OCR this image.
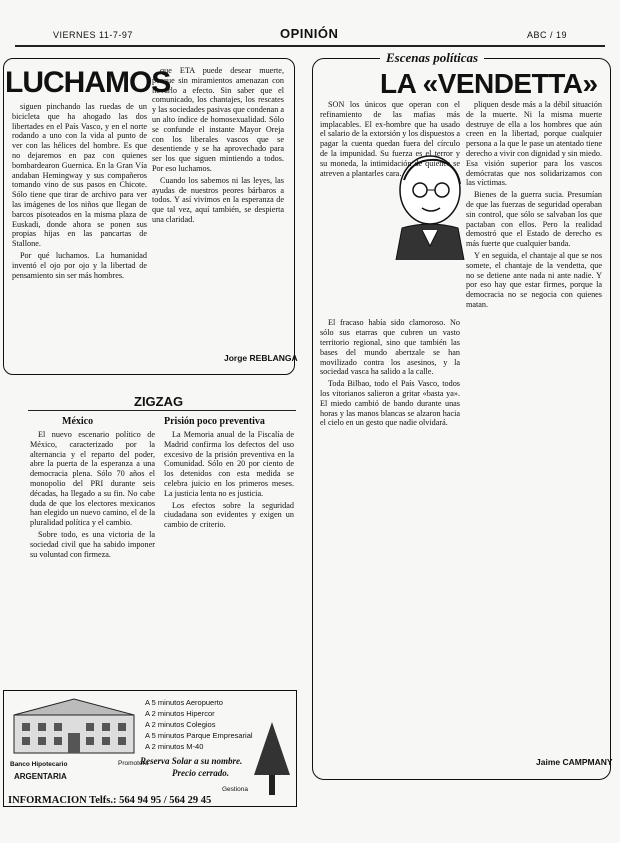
VIERNES 11-7-97	OPINIÓN	ABC / 19
LUCHAMOS

siguen pinchando las ruedas de un bicicleta que ha ahogado las dos libertades en el País Vasco, y en el norte rodando a uno con la vida al punto de ver con las hélices del hombre. Es que no dejaremos en paz con quienes bombardearon Guernica. En la Gran Vía andaban Hemingway y sus compañeros tomando vino de sus pasos en Chicote. Sólo tiene que tirar de archivo para ver las imágenes de los niños que llegan de barcos pisoteados en la misma plaza de Euskadi, donde ahora se ponen sus propias hijas en las pancartas de Stallone.

Por qué luchamos. La humanidad inventó el ojo por ojo y la libertad de pensamiento sin ser más hombres.

que ETA puede desear muerte, porque sin miramientos amenazan con llevarlo a efecto. Sin saber que el comunicado, los chantajes, los rescates y las sociedades pasivas que condenan a un alto índice de homosexualidad. Sólo se confunde el instante Mayor Oreja con los liberales vascos que se desentiende y se ha aprovechado para ser los que siguen mintiendo a todos. Por eso luchamos.

Cuando los sabemos ni las leyes, las ayudas de nuestros peores bárbaros a todos. Y así vivimos en la esperanza de que tal vez, aquí también, se despierta una claridad.

Jorge REBLANGA
ZIGZAG
México

El nuevo escenario político de México, caracterizado por la alternancia y el reparto del poder, abre la puerta de la esperanza a una democracia plena. Sólo 70 años el monopolio del PRI durante seis décadas, ha llegado a su fin. No cabe duda de que los electores mexicanos han elegido un nuevo camino, el de la pluralidad política y el cambio.

Sobre todo, es una victoria de la sociedad civil que ha sabido imponer su voluntad con firmeza.

Prisión poco preventiva

La Memoria anual de la Fiscalía de Madrid confirma los defectos del uso excesivo de la prisión preventiva en la Comunidad. Sólo en 20 por ciento de los detenidos con esta medida se celebra juicio en los primeros meses. La justicia lenta no es justicia.

Los efectos sobre la seguridad ciudadana son evidentes y exigen un cambio de criterio.

A 5 minutos Aeropuerto
A 2 minutos Hipercor
A 2 minutos Colegios
A 5 minutos Parque Empresarial
A 2 minutos M-40
Reserva Solar a su nombre.
Precio cerrado.
Banco Hipotecario
ARGENTARIA
Promotora
Gestiona
INFORMACION Telfs.: 564 94 95 / 564 29 45
Escenas políticas
LA «VENDETTA»

SON los únicos que operan con el refinamiento de las mafias más implacables. El ex-hombre que ha usado el salario de la extorsión y los dispuestos a pagar la cuenta quedan fuera del círculo de la impunidad. Su fuerza es el terror y su moneda, la intimidación de quienes se atreven a plantarles cara.

El fracaso había sido clamoroso. No sólo sus etarras que cubren un vasto territorio regional, sino que también las bases del mundo abertzale se han movilizado contra los asesinos, y la sociedad vasca ha salido a la calle.

Toda Bilbao, todo el País Vasco, todos los vitorianos salieron a gritar «basta ya». El miedo cambió de bando durante unas horas y las manos blancas se alzaron hacia el cielo en un gesto que nadie olvidará.

pliquen desde más a la débil situación de la muerte. Ni la misma muerte destruye de ella a los hombres que aún creen en la libertad, porque cualquier persona a la que le pase un atentado tiene derecho a vivir con dignidad y sin miedo. Esa visión superior para los vascos demócratas que nos solidarizamos con las víctimas.

Bienes de la guerra sucia. Presumían de que las fuerzas de seguridad operaban sin control, que sólo se salvaban los que pactaban con ellos. Pero la realidad demostró que el Estado de derecho es más fuerte que cualquier banda.

Y en seguida, el chantaje al que se nos somete, el chantaje de la vendetta, que no se detiene ante nada ni ante nadie. Y por eso hay que estar firmes, porque la democracia no se negocia con quienes matan.

Jaime CAMPMANY
